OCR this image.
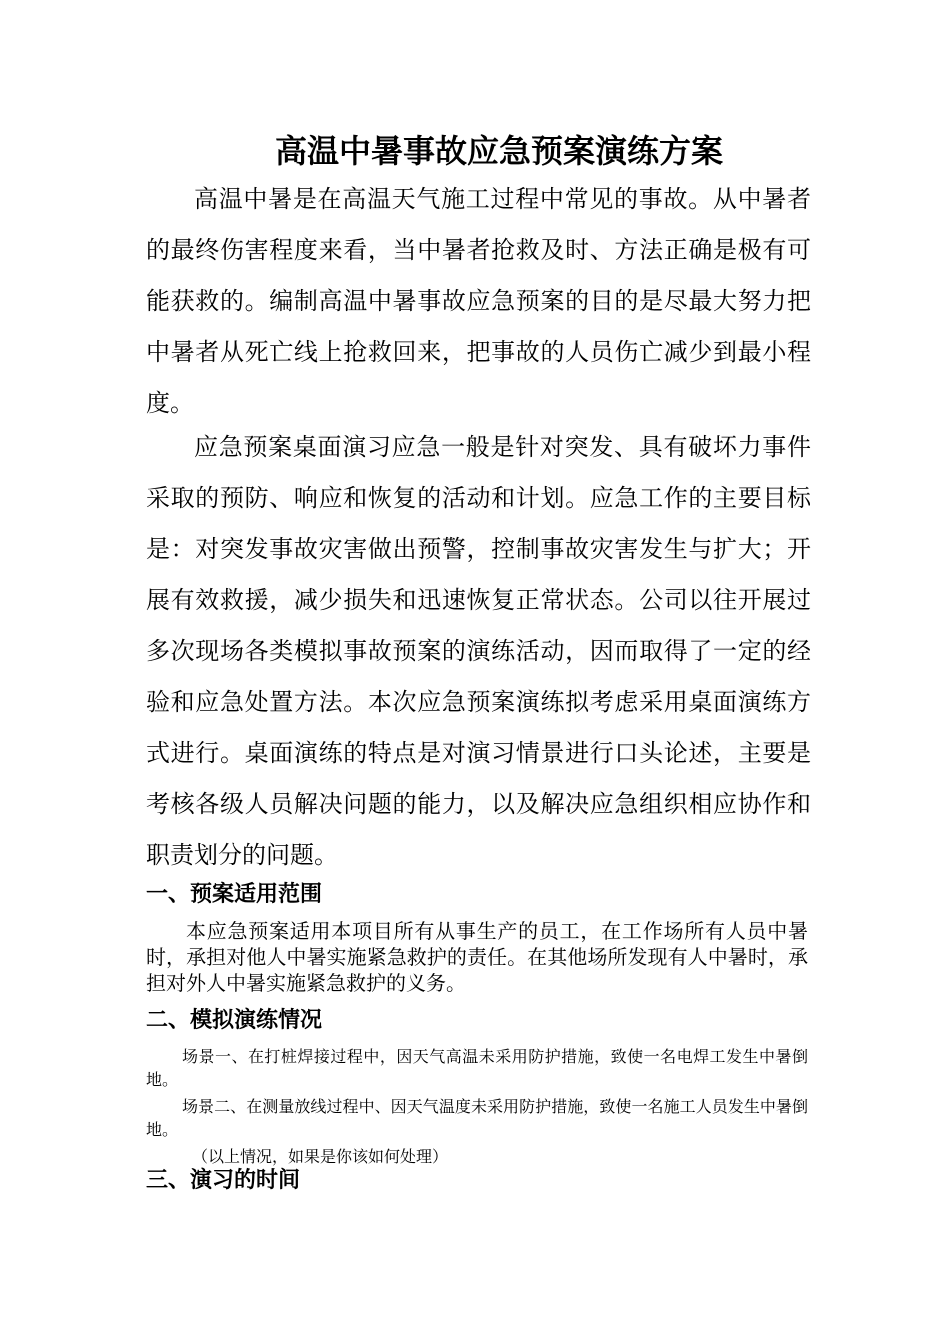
高温中暑事故应急预案演练方案

高温中暑是在高温天气施工过程中常见的事故。从中暑者的最终伤害程度来看，当中暑者抢救及时、方法正确是极有可能获救的。编制高温中暑事故应急预案的目的是尽最大努力把中暑者从死亡线上抢救回来，把事故的人员伤亡减少到最小程度。

应急预案桌面演习应急一般是针对突发、具有破坏力事件采取的预防、响应和恢复的活动和计划。应急工作的主要目标是：对突发事故灾害做出预警，控制事故灾害发生与扩大；开展有效救援，减少损失和迅速恢复正常状态。公司以往开展过多次现场各类模拟事故预案的演练活动，因而取得了一定的经验和应急处置方法。本次应急预案演练拟考虑采用桌面演练方式进行。桌面演练的特点是对演习情景进行口头论述，主要是考核各级人员解决问题的能力，以及解决应急组织相应协作和职责划分的问题。

一、预案适用范围

本应急预案适用本项目所有从事生产的员工，在工作场所有人员中暑时，承担对他人中暑实施紧急救护的责任。在其他场所发现有人中暑时，承担对外人中暑实施紧急救护的义务。

二、模拟演练情况

场景一、在打桩焊接过程中，因天气高温未采用防护措施，致使一名电焊工发生中暑倒地。

场景二、在测量放线过程中、因天气温度未采用防护措施，致使一名施工人员发生中暑倒地。

（以上情况，如果是你该如何处理）

三、演习的时间
